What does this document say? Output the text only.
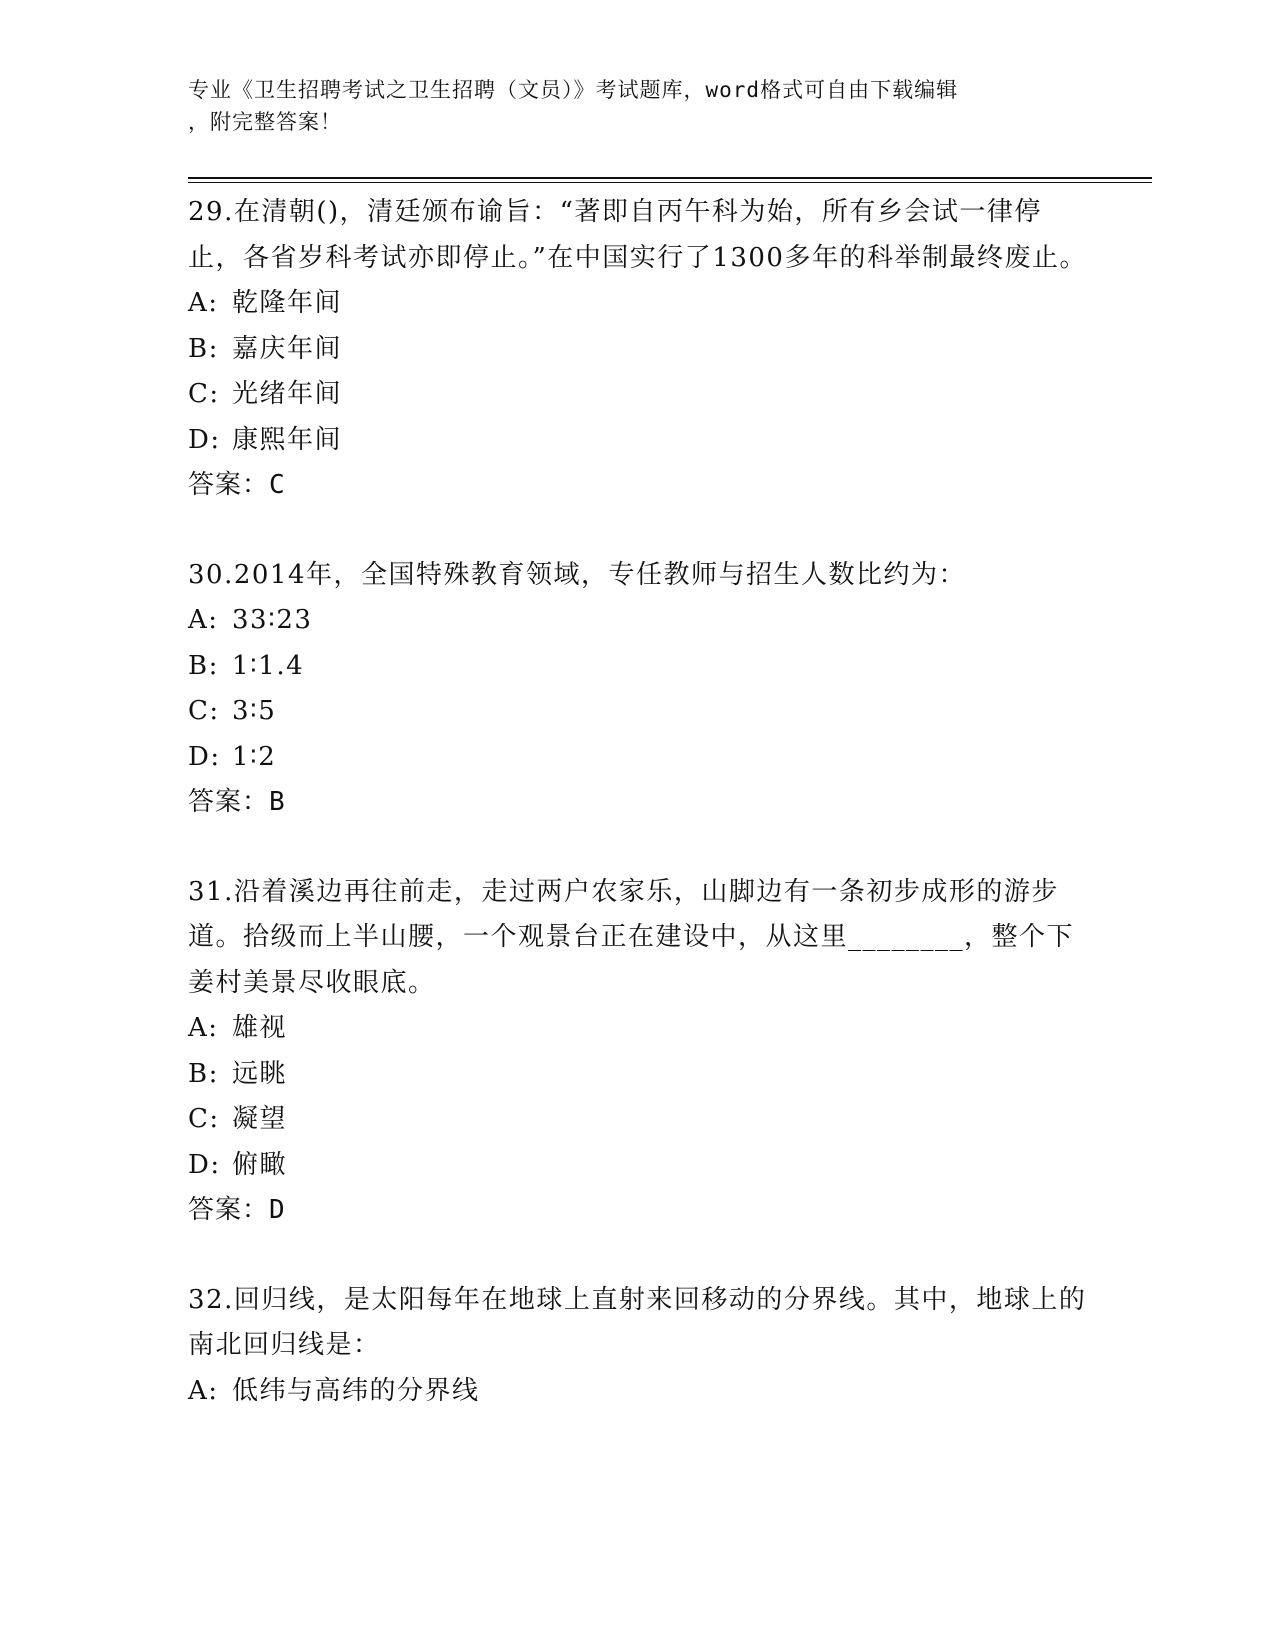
专业《卫生招聘考试之卫生招聘（文员）》考试题库，word格式可自由下载编辑
，附完整答案！

29.在清朝()，清廷颁布谕旨：“著即自丙午科为始，所有乡会试一律停止，各省岁科考试亦即停止。”在中国实行了1300多年的科举制最终废止。

A: 乾隆年间

B: 嘉庆年间

C: 光绪年间

D: 康熙年间

答案：C

30.2014年，全国特殊教育领域，专任教师与招生人数比约为：

A: 33∶23

B: 1∶1.4

C: 3∶5

D: 1∶2

答案：B

31.沿着溪边再往前走，走过两户农家乐，山脚边有一条初步成形的游步道。拾级而上半山腰，一个观景台正在建设中，从这里________，整个下姜村美景尽收眼底。

A: 雄视

B: 远眺

C: 凝望

D: 俯瞰

答案：D

32.回归线，是太阳每年在地球上直射来回移动的分界线。其中，地球上的南北回归线是：

A: 低纬与高纬的分界线
